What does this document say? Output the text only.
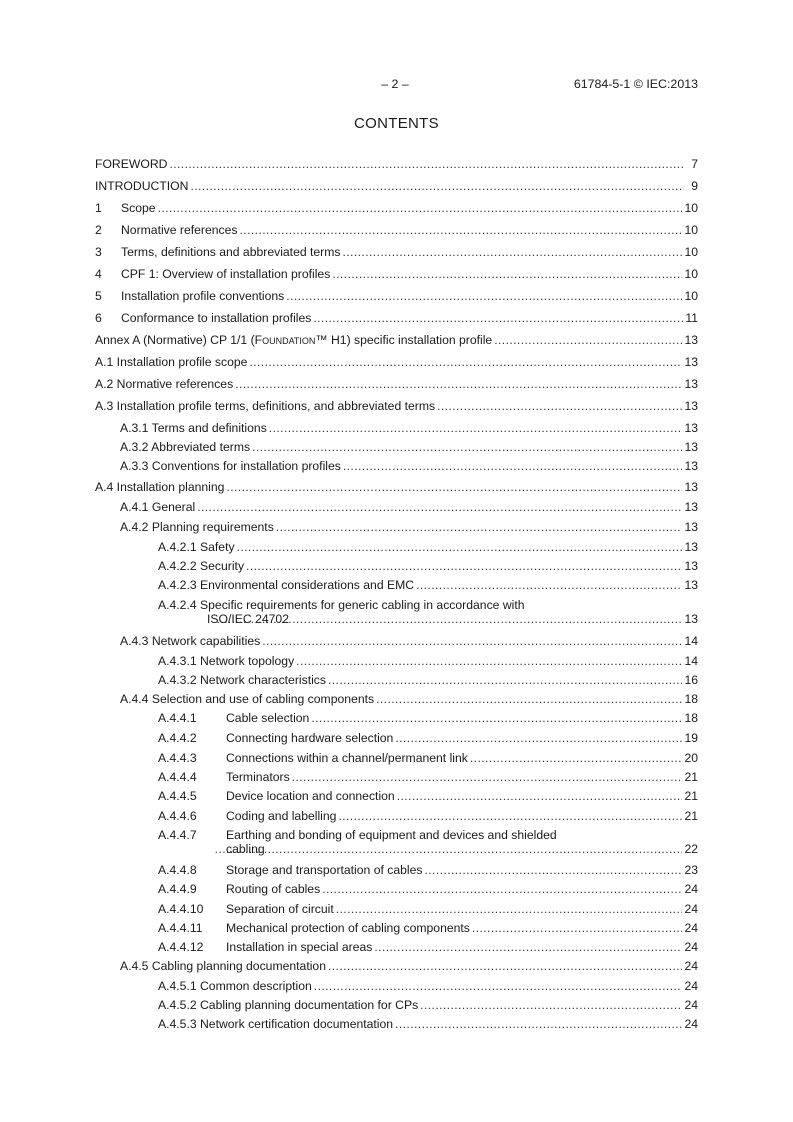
– 2 –	61784-5-1 © IEC:2013
CONTENTS
FOREWORD .....	7
INTRODUCTION .....	9
1	Scope .....	10
2	Normative references .....	10
3	Terms, definitions and abbreviated terms .....	10
4	CPF 1: Overview of installation profiles .....	10
5	Installation profile conventions .....	10
6	Conformance to installation profiles .....	11
Annex A (Normative) CP 1/1 (Foundation™ H1) specific installation profile .....	13
A.1 Installation profile scope .....	13
A.2 Normative references .....	13
A.3 Installation profile terms, definitions, and abbreviated terms .....	13
A.3.1 Terms and definitions .....	13
A.3.2 Abbreviated terms .....	13
A.3.3 Conventions for installation profiles .....	13
A.4 Installation planning .....	13
A.4.1 General .....	13
A.4.2 Planning requirements .....	13
A.4.2.1 Safety .....	13
A.4.2.2 Security .....	13
A.4.2.3 Environmental considerations and EMC .....	13
A.4.2.4 Specific requirements for generic cabling in accordance with
ISO/IEC 24702 .....	13
A.4.3 Network capabilities .....	14
A.4.3.1 Network topology .....	14
A.4.3.2 Network characteristics .....	16
A.4.4 Selection and use of cabling components .....	18
A.4.4.1	Cable selection .....	18
A.4.4.2	Connecting hardware selection .....	19
A.4.4.3	Connections within a channel/permanent link .....	20
A.4.4.4	Terminators .....	21
A.4.4.5	Device location and connection .....	21
A.4.4.6	Coding and labelling .....	21
A.4.4.7	Earthing and bonding of equipment and devices and shielded
cabling .....	22
A.4.4.8	Storage and transportation of cables .....	23
A.4.4.9	Routing of cables .....	24
A.4.4.10	Separation of circuit .....	24
A.4.4.11	Mechanical protection of cabling components .....	24
A.4.4.12	Installation in special areas .....	24
A.4.5 Cabling planning documentation .....	24
A.4.5.1 Common description .....	24
A.4.5.2 Cabling planning documentation for CPs .....	24
A.4.5.3 Network certification documentation .....	24
